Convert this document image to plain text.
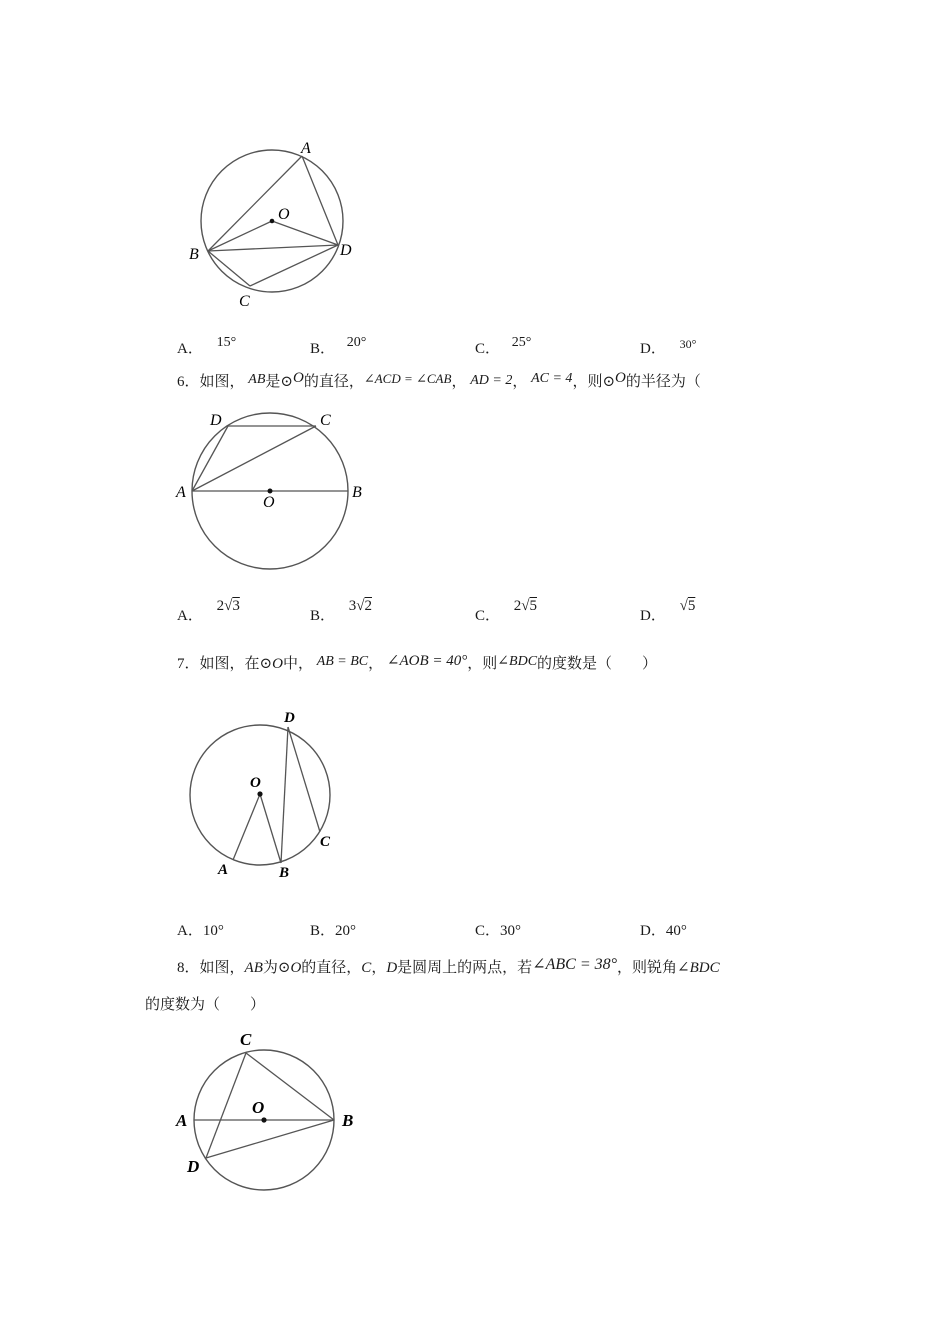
A
O
B	D
C
A． 15°	B． 20°	C． 25°	D． $^{30^\circ}$
6．如图， AB是⊙O的直径，∠ACD = ∠CAB， AD = 2， AC = 4，则⊙O的半径为（
D	C
A
O
B
A． 2√3
B． 3√2
C． 2√5
D． √5
7．如图，在⊙O中， AB = BC， ∠AOB = 40°，则∠BDC的度数是（　　）
D
O
C
A	B
A．10°	B．20°	C．30°	D．40°
8．如图，AB为⊙O的直径，C，D是圆周上的两点，若∠ABC = 38°，则锐角∠BDC
的度数为（　　）
C
O
A	B
D
